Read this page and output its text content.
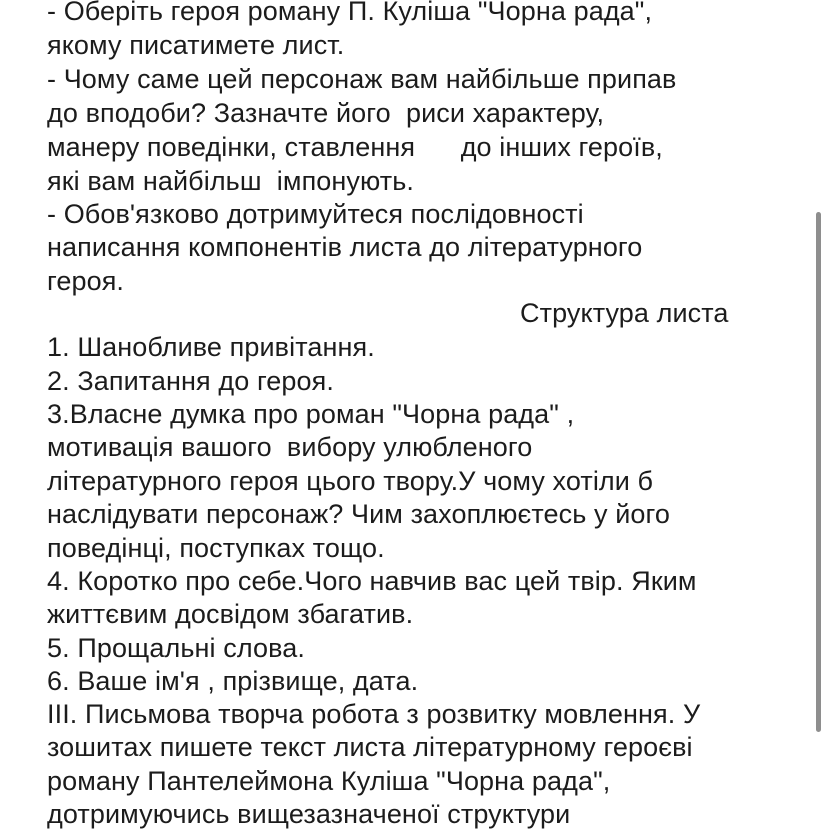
- Оберіть героя роману П. Куліша "Чорна рада",
якому писатимете лист.
- Чому саме цей персонаж вам найбільше припав
до вподоби? Зазначте його  риси характеру,
манеру поведінки, ставлення      до інших героїв,
які вам найбільш  імпонують.
- Обов'язково дотримуйтеся послідовності
написання компонентів листа до літературного
героя.
Структура листа
1. Шанобливе привітання.
2. Запитання до героя.
3.Власне думка про роман "Чорна рада" ,
мотивація вашого  вибору улюбленого
літературного героя цього твору.У чому хотіли б
наслідувати персонаж? Чим захоплюєтесь у його
поведінці, поступках тощо.
4. Коротко про себе.Чого навчив вас цей твір. Яким
життєвим досвідом збагатив.
5. Прощальні слова.
6. Ваше ім'я , прізвище, дата.
ІІІ. Письмова творча робота з розвитку мовлення. У
зошитах пишете текст листа літературному героєві
роману Пантелеймона Куліша "Чорна рада",
дотримуючись вищезазначеної структури
